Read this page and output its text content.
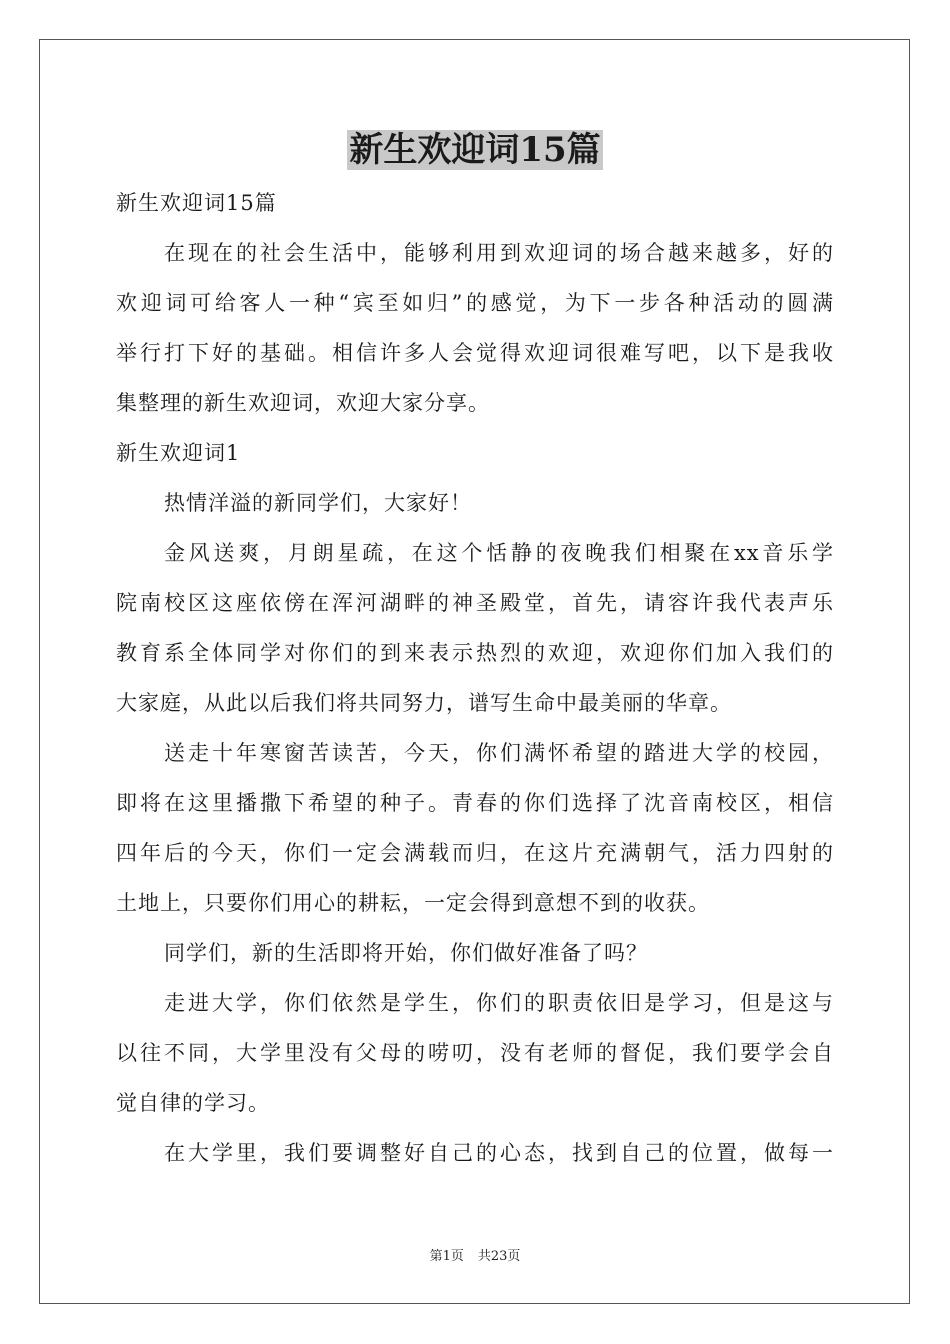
新生欢迎词15篇

新生欢迎词15篇

在现在的社会生活中，能够利用到欢迎词的场合越来越多，好的

欢迎词可给客人一种“宾至如归”的感觉，为下一步各种活动的圆满

举行打下好的基础。相信许多人会觉得欢迎词很难写吧，以下是我收

集整理的新生欢迎词，欢迎大家分享。

新生欢迎词1

热情洋溢的新同学们，大家好！

金风送爽，月朗星疏，在这个恬静的夜晚我们相聚在xx音乐学

院南校区这座依傍在浑河湖畔的神圣殿堂，首先，请容许我代表声乐

教育系全体同学对你们的到来表示热烈的欢迎，欢迎你们加入我们的

大家庭，从此以后我们将共同努力，谱写生命中最美丽的华章。

送走十年寒窗苦读苦，今天，你们满怀希望的踏进大学的校园，

即将在这里播撒下希望的种子。青春的你们选择了沈音南校区，相信

四年后的今天，你们一定会满载而归，在这片充满朝气，活力四射的

土地上，只要你们用心的耕耘，一定会得到意想不到的收获。

同学们，新的生活即将开始，你们做好准备了吗？

走进大学，你们依然是学生，你们的职责依旧是学习，但是这与

以往不同，大学里没有父母的唠叨，没有老师的督促，我们要学会自

觉自律的学习。

在大学里，我们要调整好自己的心态，找到自己的位置，做每一

第1页 共23页
